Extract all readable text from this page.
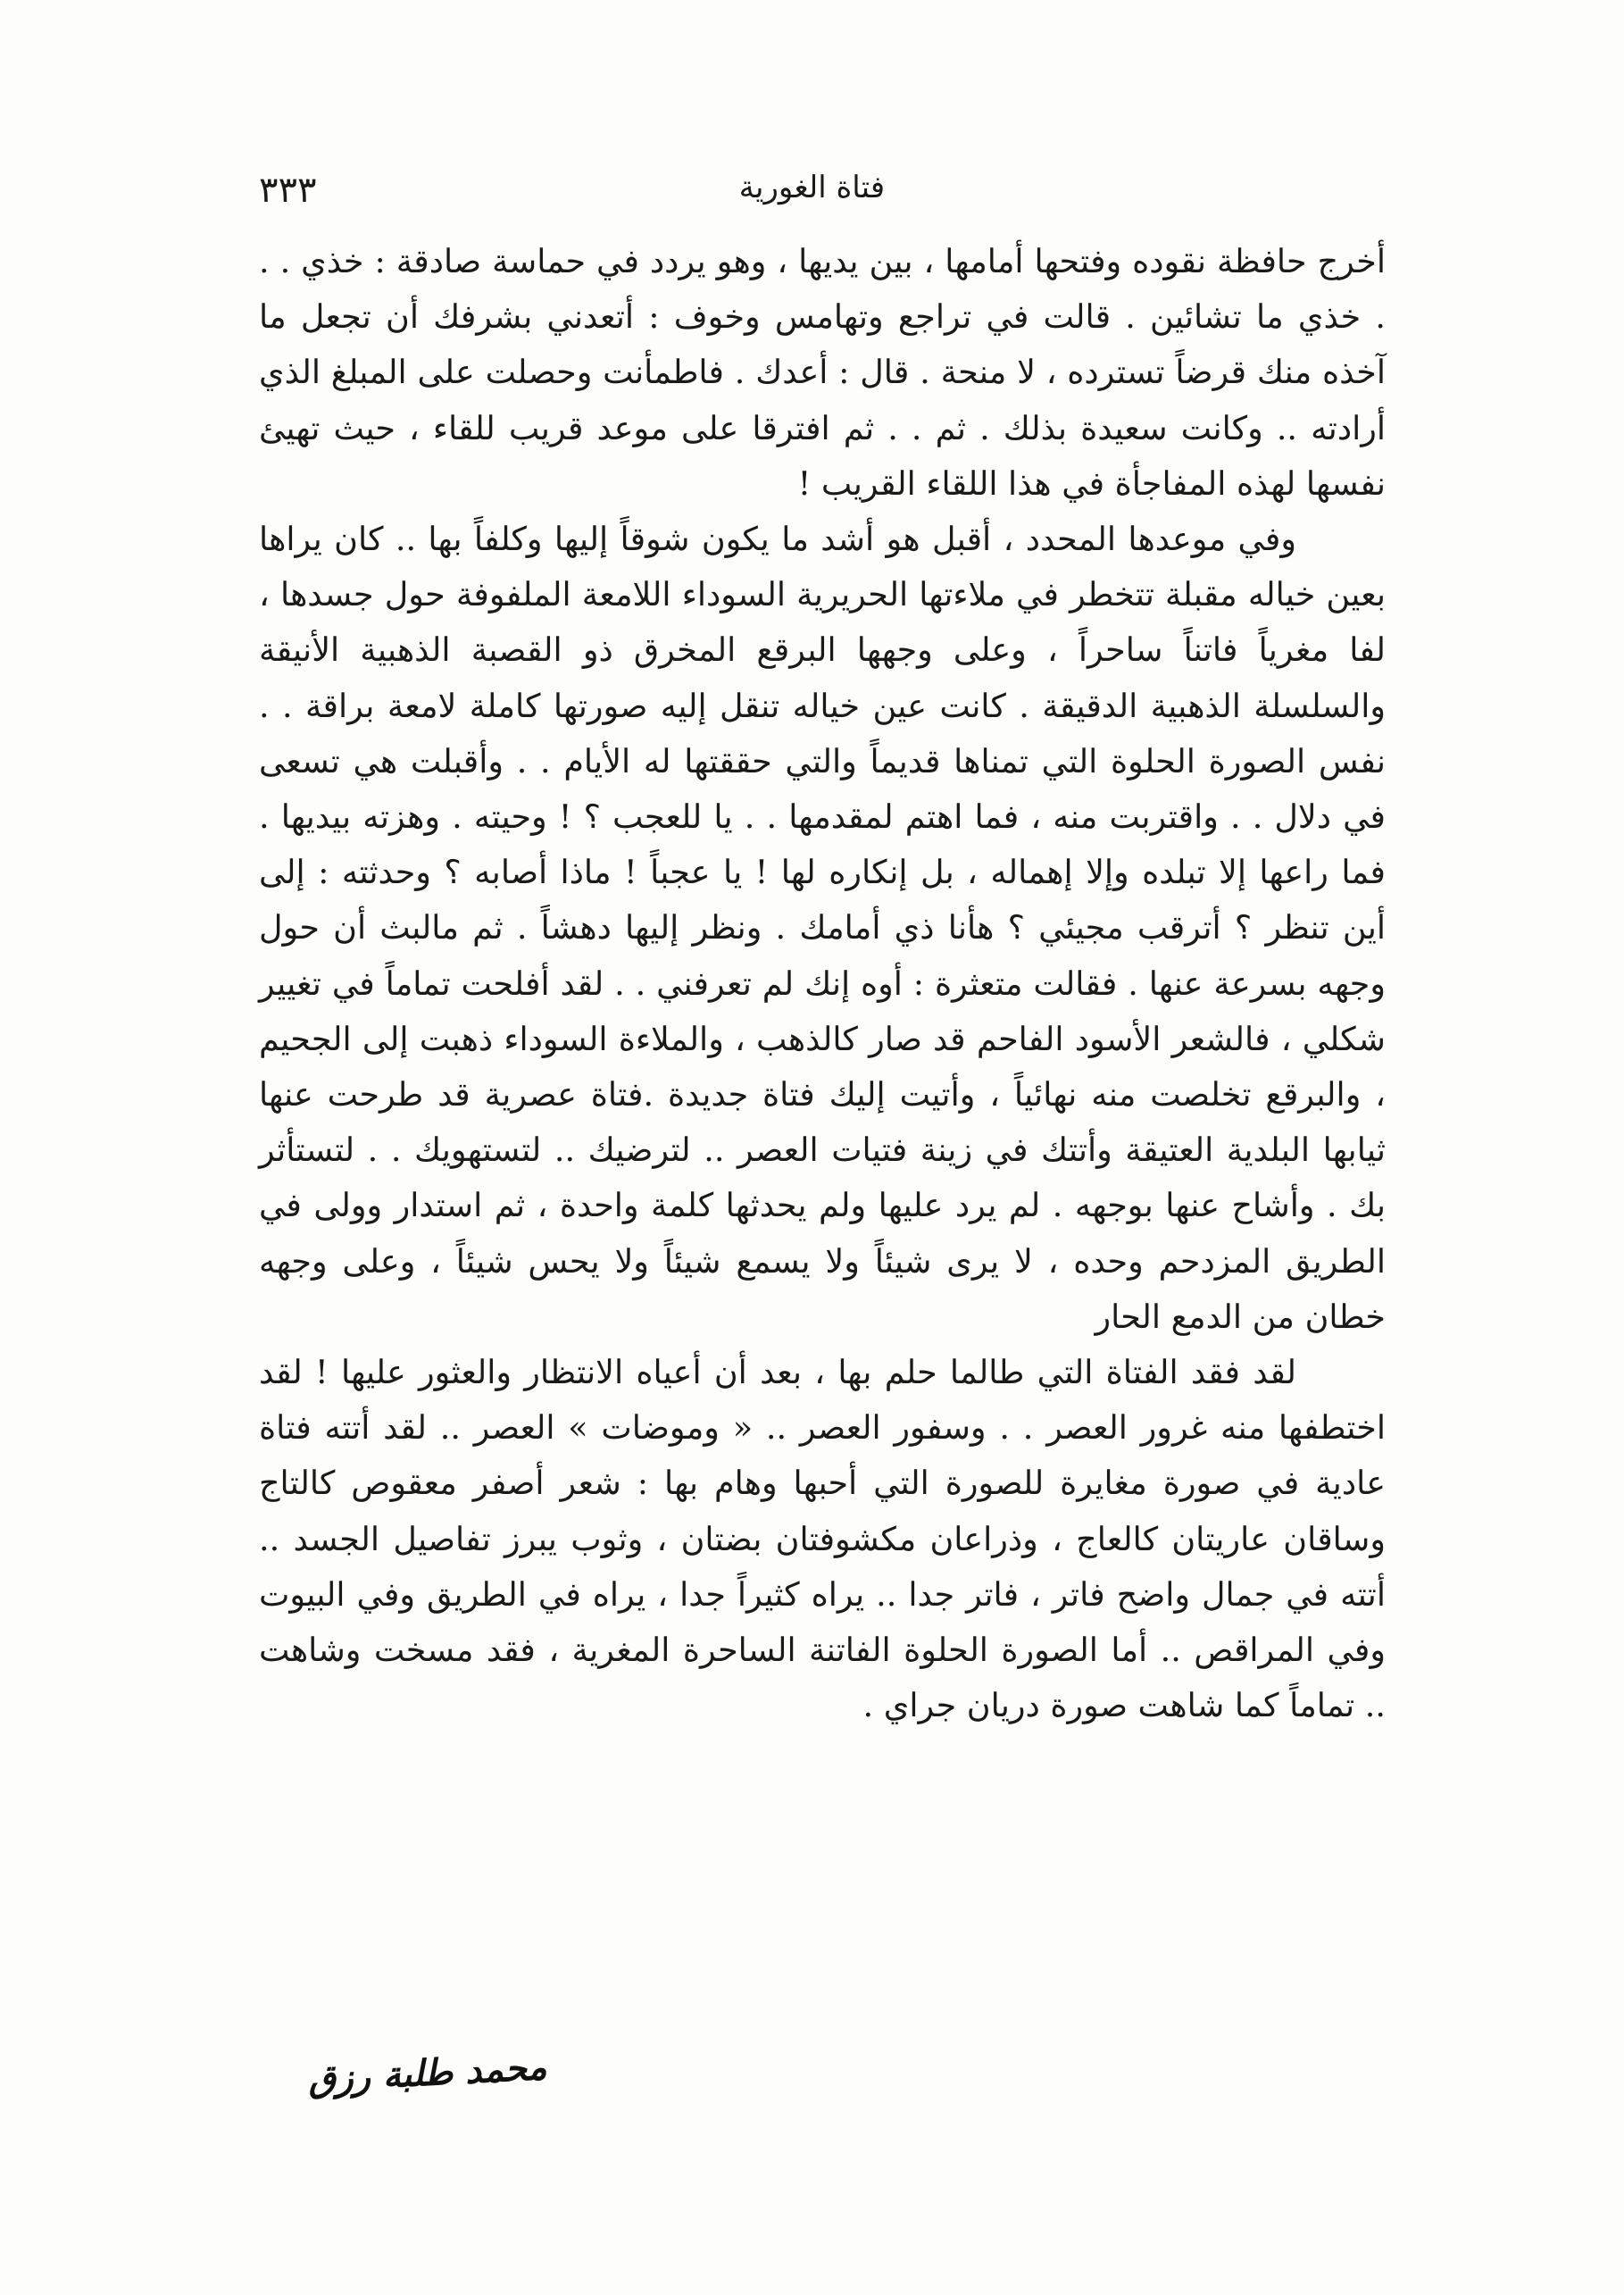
فتاة الغورية
٣٣٣

أخرج حافظة نقوده وفتحها أمامها ، بين يديها ، وهو يردد في حماسة صادقة : خذي . . . خذي ما تشائين . قالت في تراجع وتهامس وخوف : أتعدني بشرفك أن تجعل ما آخذه منك قرضاً تسترده ، لا منحة . قال : أعدك . فاطمأنت وحصلت على المبلغ الذي أرادته .. وكانت سعيدة بذلك . ثم . . ثم افترقا على موعد قريب للقاء ، حيث تهيئ نفسها لهذه المفاجأة في هذا اللقاء القريب !

وفي موعدها المحدد ، أقبل هو أشد ما يكون شوقاً إليها وكلفاً بها .. كان يراها بعين خياله مقبلة تتخطر في ملاءتها الحريرية السوداء اللامعة الملفوفة حول جسدها ، لفا مغرياً فاتناً ساحراً ، وعلى وجهها البرقع المخرق ذو القصبة الذهبية الأنيقة والسلسلة الذهبية الدقيقة . كانت عين خياله تنقل إليه صورتها كاملة لامعة براقة . . نفس الصورة الحلوة التي تمناها قديماً والتي حققتها له الأيام . . وأقبلت هي تسعى في دلال . . واقتربت منه ، فما اهتم لمقدمها . . يا للعجب ؟ ! وحيته . وهزته بيديها . فما راعها إلا تبلده وإلا إهماله ، بل إنكاره لها ! يا عجباً ! ماذا أصابه ؟ وحدثته : إلى أين تنظر ؟ أترقب مجيئي ؟ هأنا ذي أمامك . ونظر إليها دهشاً . ثم مالبث أن حول وجهه بسرعة عنها . فقالت متعثرة : أوه إنك لم تعرفني . . لقد أفلحت تماماً في تغيير شكلي ، فالشعر الأسود الفاحم قد صار كالذهب ، والملاءة السوداء ذهبت إلى الجحيم ، والبرقع تخلصت منه نهائياً ، وأتيت إليك فتاة جديدة .فتاة عصرية قد طرحت عنها ثيابها البلدية العتيقة وأتتك في زينة فتيات العصر .. لترضيك .. لتستهويك . . لتستأثر بك . وأشاح عنها بوجهه . لم يرد عليها ولم يحدثها كلمة واحدة ، ثم استدار وولى في الطريق المزدحم وحده ، لا يرى شيئاً ولا يسمع شيئاً ولا يحس شيئاً ، وعلى وجهه خطان من الدمع الحار

لقد فقد الفتاة التي طالما حلم بها ، بعد أن أعياه الانتظار والعثور عليها ! لقد اختطفها منه غرور العصر . . وسفور العصر .. « وموضات » العصر .. لقد أتته فتاة عادية في صورة مغايرة للصورة التي أحبها وهام بها : شعر أصفر معقوص كالتاج وساقان عاريتان كالعاج ، وذراعان مكشوفتان بضتان ، وثوب يبرز تفاصيل الجسد .. أتته في جمال واضح فاتر ، فاتر جدا .. يراه كثيراً جدا ، يراه في الطريق وفي البيوت وفي المراقص .. أما الصورة الحلوة الفاتنة الساحرة المغرية ، فقد مسخت وشاهت .. تماماً كما شاهت صورة دريان جراي .

محمد طلبة رزق
